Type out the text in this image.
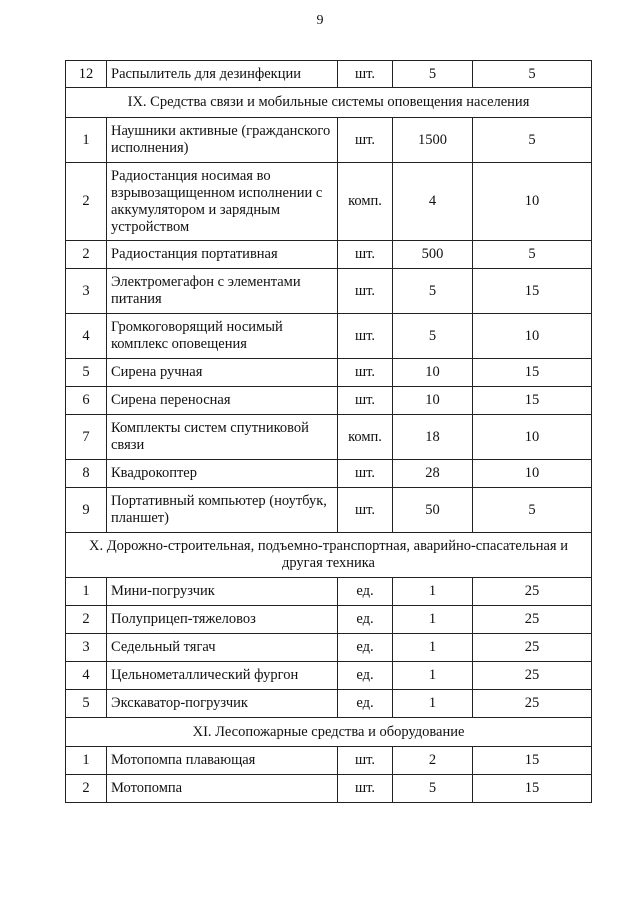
9
12	Распылитель для дезинфекции	шт.	5	5
IX. Средства связи и мобильные системы оповещения населения				
1	Наушники активные (гражданского исполнения)	шт.	1500	5
2	Радиостанция носимая во взрывозащищенном исполнении с аккумулятором и зарядным устройством	комп.	4	10
2	Радиостанция портативная	шт.	500	5
3	Электромегафон с элементами питания	шт.	5	15
4	Громкоговорящий носимый комплекс оповещения	шт.	5	10
5	Сирена ручная	шт.	10	15
6	Сирена переносная	шт.	10	15
7	Комплекты систем спутниковой связи	комп.	18	10
8	Квадрокоптер	шт.	28	10
9	Портативный компьютер (ноутбук, планшет)	шт.	50	5
X. Дорожно-строительная, подъемно-транспортная, аварийно-спасательная и другая техника				
1	Мини-погрузчик	ед.	1	25
2	Полуприцеп-тяжеловоз	ед.	1	25
3	Седельный тягач	ед.	1	25
4	Цельнометаллический фургон	ед.	1	25
5	Экскаватор-погрузчик	ед.	1	25
XI. Лесопожарные средства и оборудование				
1	Мотопомпа плавающая	шт.	2	15
2	Мотопомпа	шт.	5	15
